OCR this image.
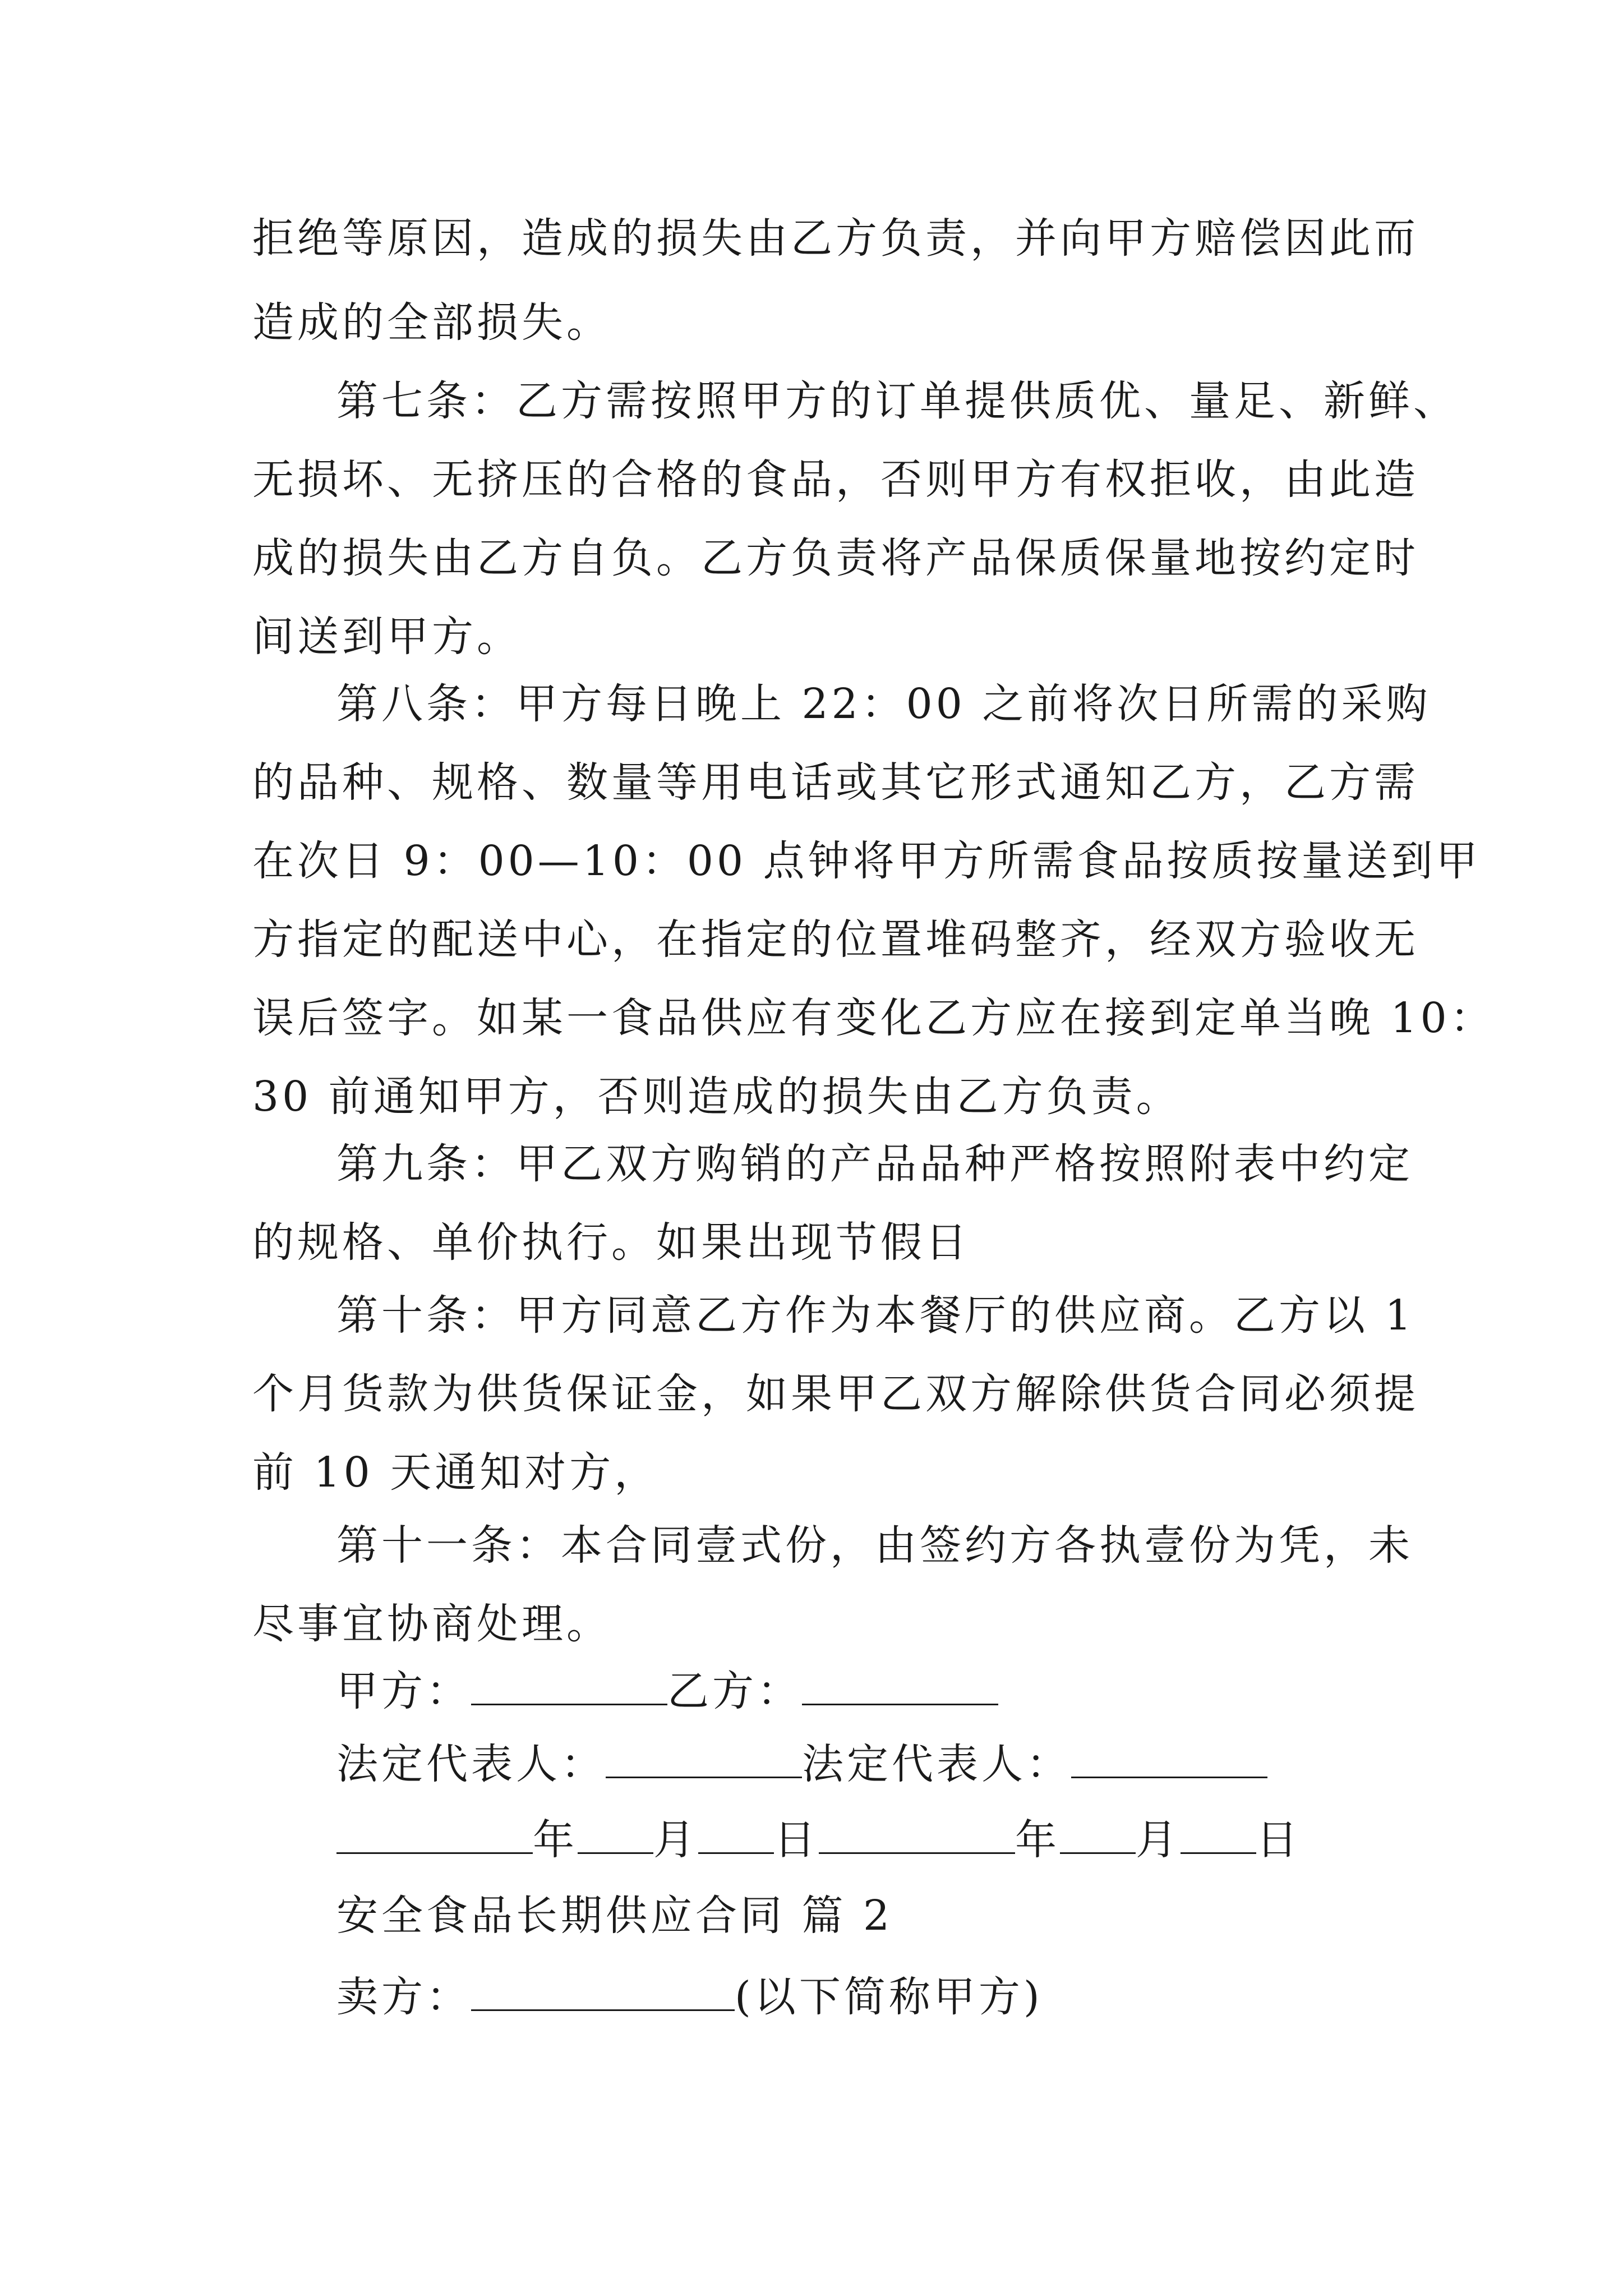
拒绝等原因，造成的损失由乙方负责，并向甲方赔偿因此而
造成的全部损失。
第七条：乙方需按照甲方的订单提供质优、量足、新鲜、
无损坏、无挤压的合格的食品，否则甲方有权拒收，由此造
成的损失由乙方自负。乙方负责将产品保质保量地按约定时
间送到甲方。
第八条：甲方每日晚上 22：00 之前将次日所需的采购
的品种、规格、数量等用电话或其它形式通知乙方，乙方需
在次日 9：00—10：00 点钟将甲方所需食品按质按量送到甲
方指定的配送中心，在指定的位置堆码整齐，经双方验收无
误后签字。如某一食品供应有变化乙方应在接到定单当晚 10：
30 前通知甲方，否则造成的损失由乙方负责。
第九条：甲乙双方购销的产品品种严格按照附表中约定
的规格、单价执行。如果出现节假日
第十条：甲方同意乙方作为本餐厅的供应商。乙方以 1
个月货款为供货保证金，如果甲乙双方解除供货合同必须提
前 10 天通知对方，
第十一条：本合同壹式份，由签约方各执壹份为凭，未
尽事宜协商处理。
甲方：	乙方：
法定代表人：	法定代表人：
年 月 日	年 月 日
安全食品长期供应合同 篇 2
卖方：	(以下简称甲方)
